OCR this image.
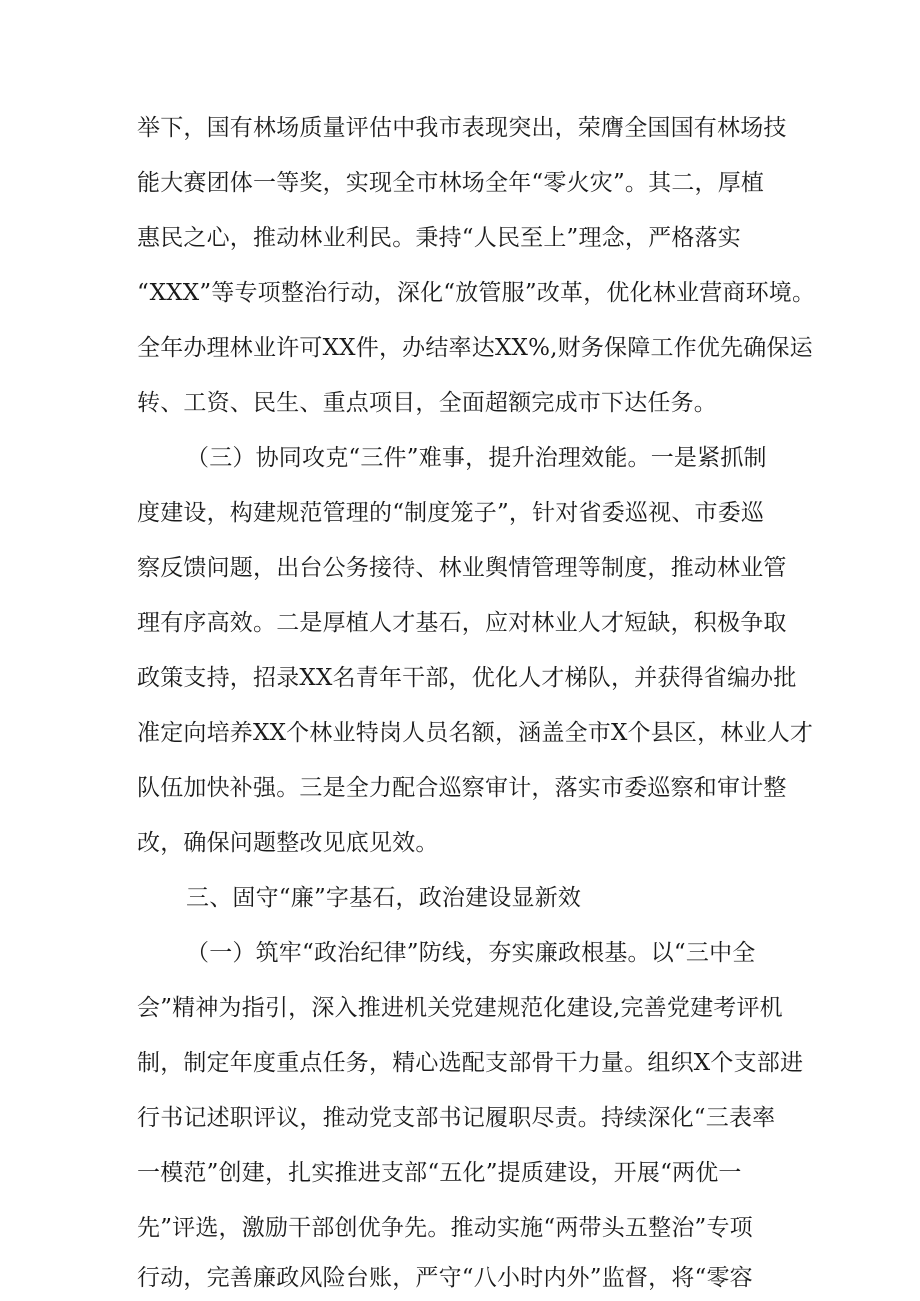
举下，国有林场质量评估中我市表现突出，荣膺全国国有林场技
能大赛团体一等奖，实现全市林场全年“零火灾”。其二，厚植
惠民之心，推动林业利民。秉持“人民至上”理念，严格落实
“XXX”等专项整治行动，深化“放管服”改革，优化林业营商环境。
全年办理林业许可XX件，办结率达XX%,财务保障工作优先确保运
转、工资、民生、重点项目，全面超额完成市下达任务。
（三）协同攻克“三件”难事，提升治理效能。一是紧抓制
度建设，构建规范管理的“制度笼子”，针对省委巡视、市委巡
察反馈问题，出台公务接待、林业舆情管理等制度，推动林业管
理有序高效。二是厚植人才基石，应对林业人才短缺，积极争取
政策支持，招录XX名青年干部，优化人才梯队，并获得省编办批
准定向培养XX个林业特岗人员名额，涵盖全市X个县区，林业人才
队伍加快补强。三是全力配合巡察审计，落实市委巡察和审计整
改，确保问题整改见底见效。
三、固守“廉”字基石，政治建设显新效
（一）筑牢“政治纪律”防线，夯实廉政根基。以“三中全
会”精神为指引，深入推进机关党建规范化建设,完善党建考评机
制，制定年度重点任务，精心选配支部骨干力量。组织X个支部进
行书记述职评议，推动党支部书记履职尽责。持续深化“三表率
一模范”创建，扎实推进支部“五化”提质建设，开展“两优一
先”评选，激励干部创优争先。推动实施“两带头五整治”专项
行动，完善廉政风险台账，严守“八小时内外”监督，将“零容
